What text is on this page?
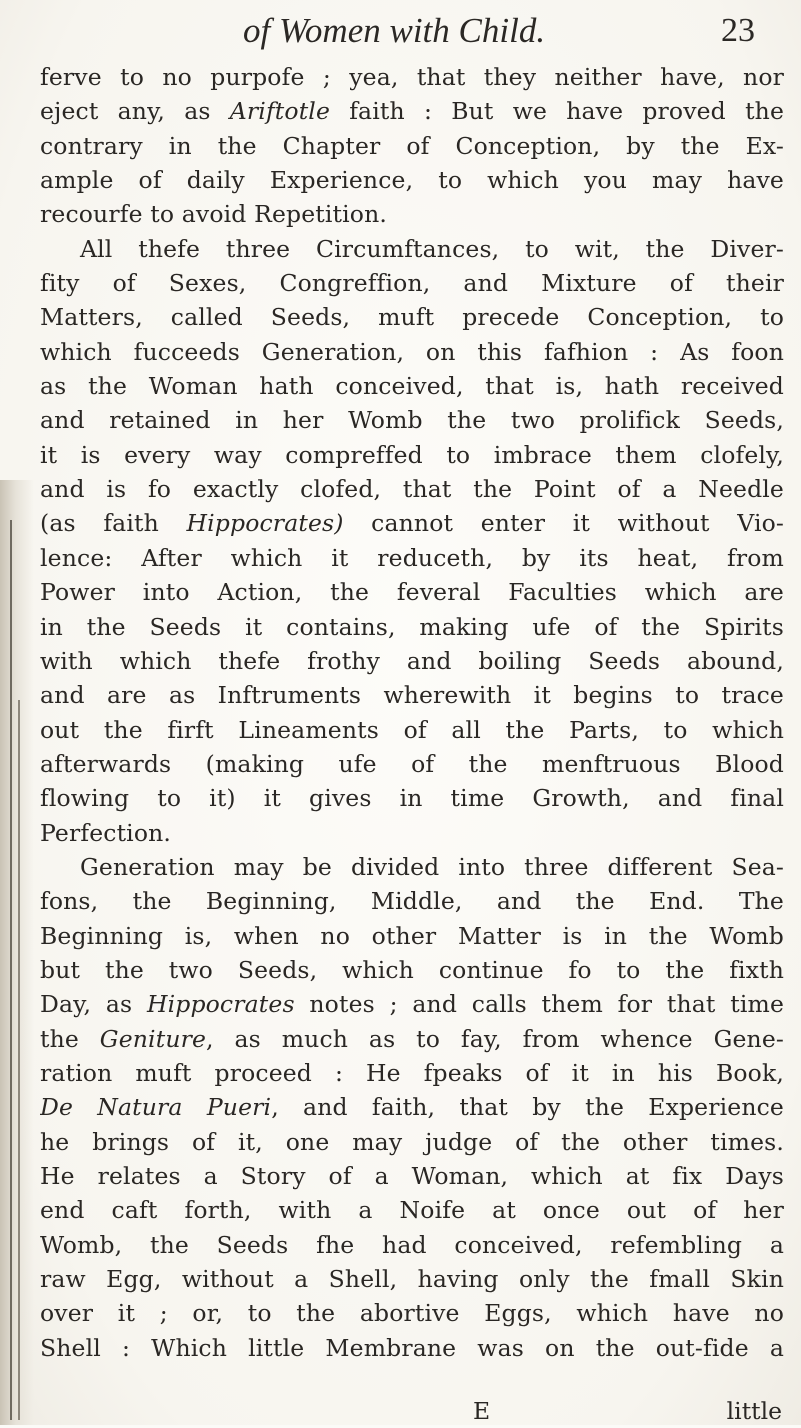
of Women with Child.	23
ferve to no purpofe ; yea, that they neither have, nor
eject any, as Ariftotle faith : But we have proved the
contrary in the Chapter of Conception, by the Ex-
ample of daily Experience, to which you may have
recourfe to avoid Repetition.
All thefe three Circumftances, to wit, the Diver-
fity of Sexes, Congreffion, and Mixture of their
Matters, called Seeds, muft precede Conception, to
which fucceeds Generation, on this fafhion : As foon
as the Woman hath conceived, that is, hath received
and retained in her Womb the two prolifick Seeds,
it is every way compreffed to imbrace them clofely,
and is fo exactly clofed, that the Point of a Needle
(as faith Hippocrates) cannot enter it without Vio-
lence: After which it reduceth, by its heat, from
Power into Action, the feveral Faculties which are
in the Seeds it contains, making ufe of the Spirits
with which thefe frothy and boiling Seeds abound,
and are as Inftruments wherewith it begins to trace
out the firft Lineaments of all the Parts, to which
afterwards (making ufe of the menftruous Blood
flowing to it) it gives in time Growth, and final
Perfection.
Generation may be divided into three different Sea-
fons, the Beginning, Middle, and the End. The
Beginning is, when no other Matter is in the Womb
but the two Seeds, which continue fo to the fixth
Day, as Hippocrates notes ; and calls them for that time
the Geniture, as much as to fay, from whence Gene-
ration muft proceed : He fpeaks of it in his Book,
De Natura Pueri, and faith, that by the Experience
he brings of it, one may judge of the other times.
He relates a Story of a Woman, which at fix Days
end caft forth, with a Noife at once out of her
Womb, the Seeds fhe had conceived, refembling a
raw Egg, without a Shell, having only the fmall Skin
over it ; or, to the abortive Eggs, which have no
Shell : Which little Membrane was on the out-fide a
E	little
